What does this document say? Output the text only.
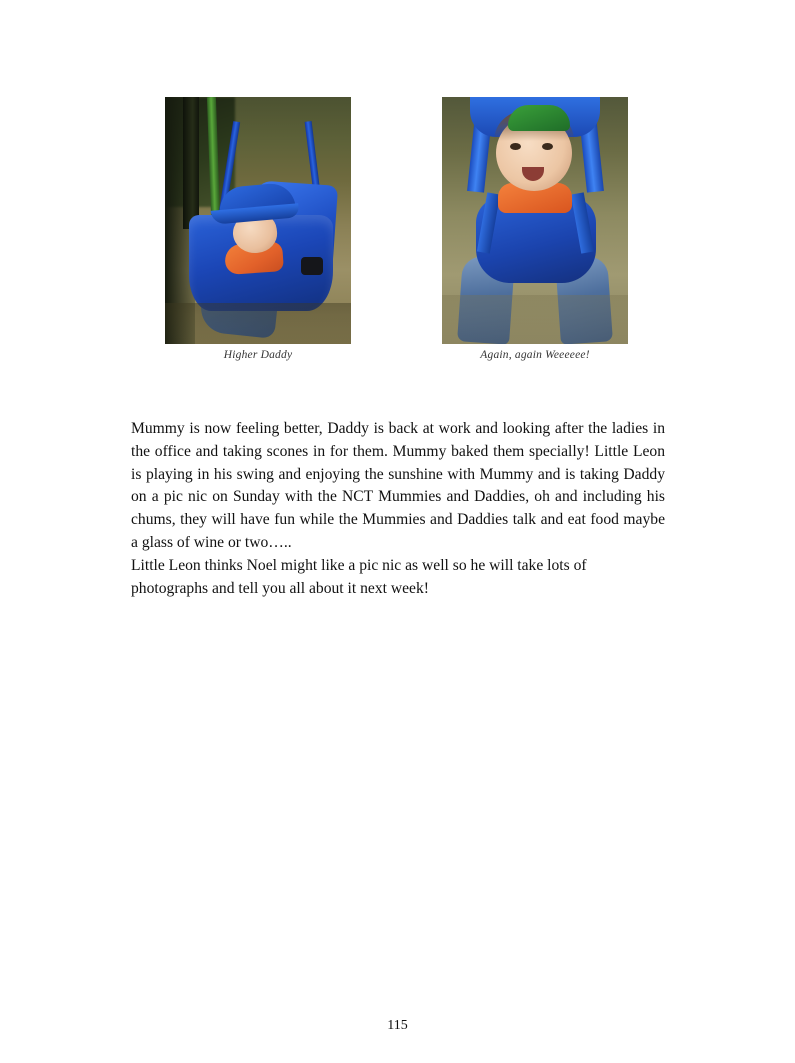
Higher Daddy	Again, again Weeeeee!

Mummy is now feeling better, Daddy is back at work and looking after the ladies in the office and taking scones in for them. Mummy baked them specially! Little Leon is playing in his swing and enjoying the sunshine with Mummy and is taking Daddy on a pic nic on Sunday with the NCT Mummies and Daddies, oh and including his chums, they will have fun while the Mummies and Daddies talk and eat food maybe a glass of wine or two…..

Little Leon thinks Noel might like a pic nic as well so he will take lots of photographs and tell you all about it next week!

115
